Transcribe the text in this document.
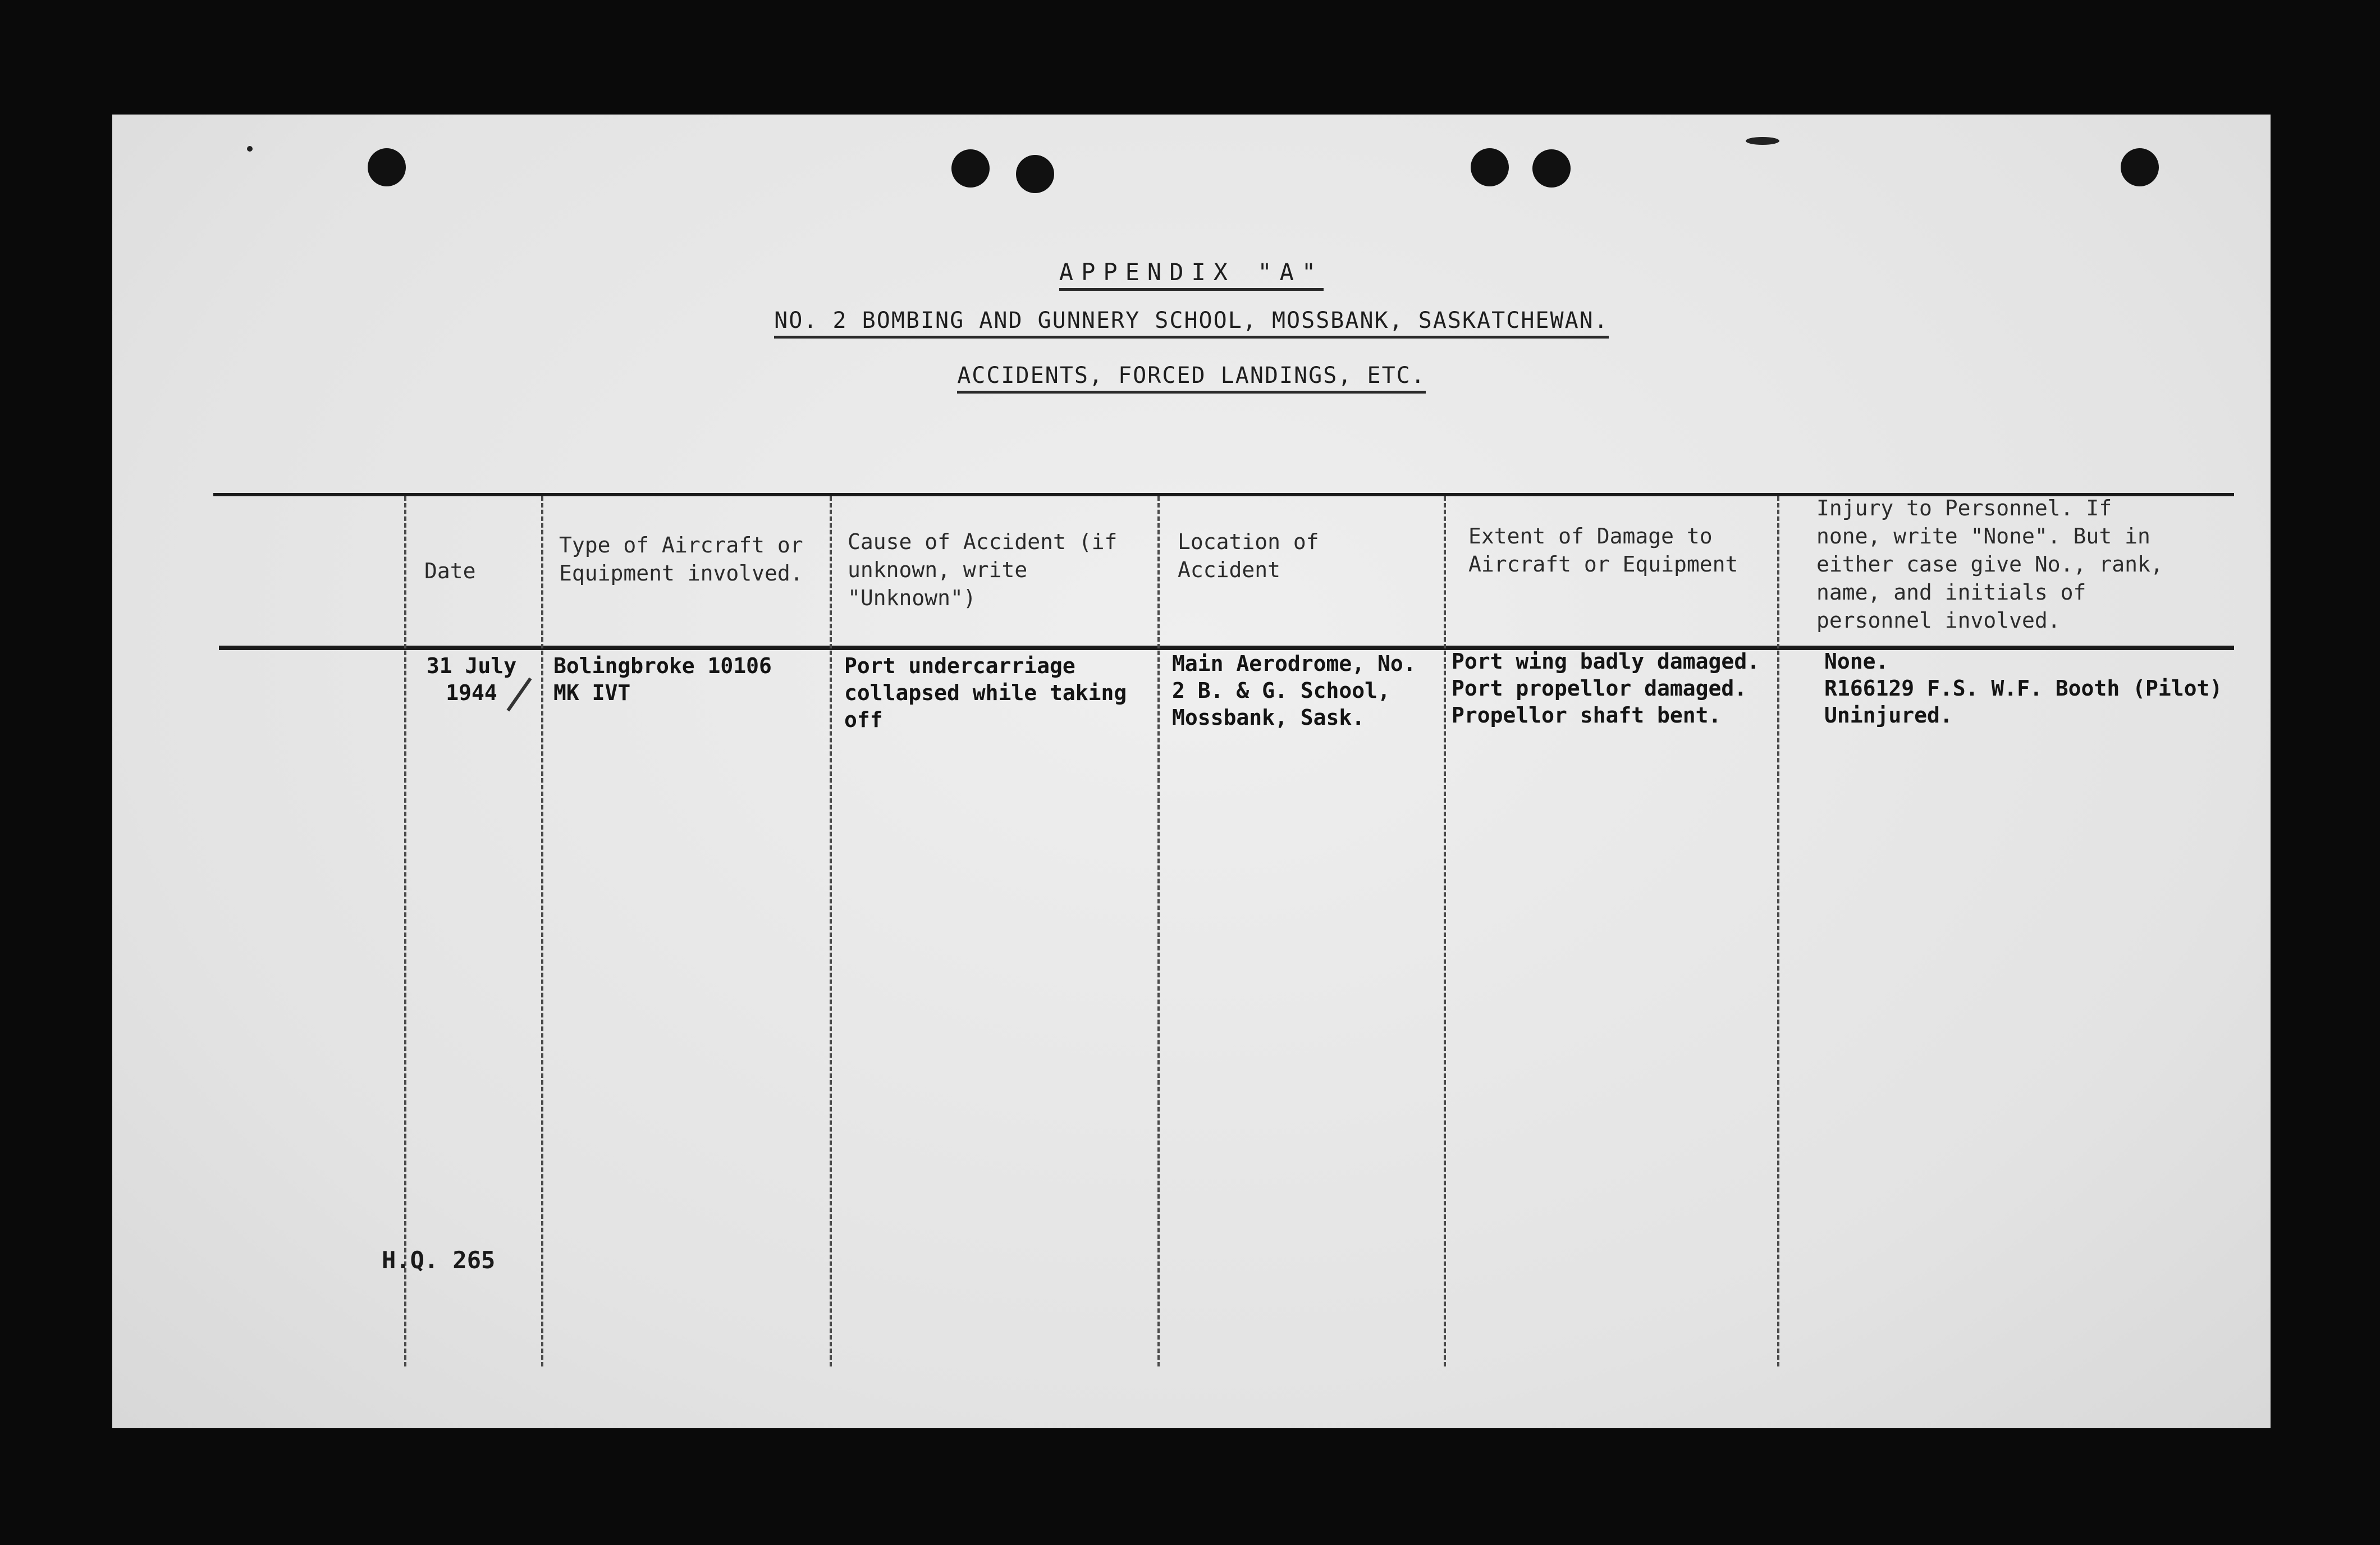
APPENDIX "A"
NO. 2 BOMBING AND GUNNERY SCHOOL, MOSSBANK, SASKATCHEWAN.
ACCIDENTS, FORCED LANDINGS, ETC.
Date
Type of Aircraft or
Equipment involved.
Cause of Accident (if
unknown, write
"Unknown")
Location of
Accident
Extent of Damage to
Aircraft or Equipment
Injury to Personnel. If
none, write "None". But in
either case give No., rank,
name, and initials of
personnel involved.
31 July
1944
Bolingbroke 10106
MK IVT
Port undercarriage
collapsed while taking
off
Main Aerodrome, No.
2 B. & G. School,
Mossbank, Sask.
Port wing badly damaged.
Port propellor damaged.
Propellor shaft bent.
None.
R166129 F.S. W.F. Booth (Pilot)
Uninjured.
H.Q. 265
